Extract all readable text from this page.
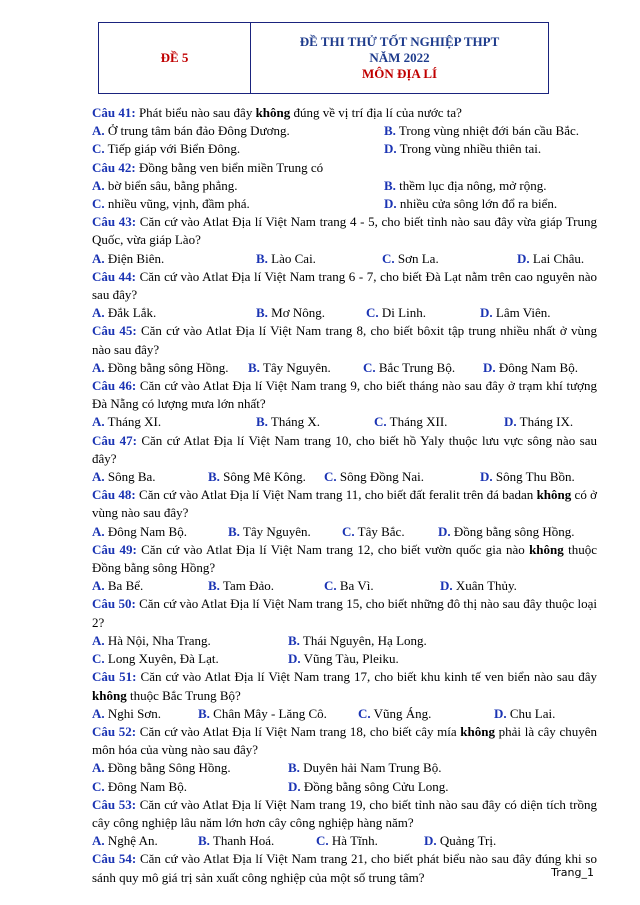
ĐỀ 5
ĐỀ THI THỬ TỐT NGHIỆP THPT
NĂM 2022
MÔN ĐỊA LÍ

Câu 41: Phát biểu nào sau đây không đúng về vị trí địa lí của nước ta?

A. Ở trung tâm bán đảo Đông Dương.	B. Trong vùng nhiệt đới bán cầu Bắc.
C. Tiếp giáp với Biển Đông.	D. Trong vùng nhiều thiên tai.

Câu 42: Đồng bằng ven biển miền Trung có

A. bờ biển sâu, bằng phẳng.	B. thềm lục địa nông, mở rộng.
C. nhiều vũng, vịnh, đầm phá.	D. nhiều cửa sông lớn đổ ra biển.

Câu 43: Căn cứ vào Atlat Địa lí Việt Nam trang 4 - 5, cho biết tỉnh nào sau đây vừa giáp Trung Quốc, vừa giáp Lào?

A. Điện Biên.	B. Lào Cai.	C. Sơn La.	D. Lai Châu.

Câu 44: Căn cứ vào Atlat Địa lí Việt Nam trang 6 - 7, cho biết Đà Lạt nằm trên cao nguyên nào sau đây?

A. Đắk Lắk.	B. Mơ Nông.	C. Di Linh.	D. Lâm Viên.

Câu 45: Căn cứ vào Atlat Địa lí Việt Nam trang 8, cho biết bôxit tập trung nhiều nhất ở vùng nào sau đây?

A. Đồng bằng sông Hồng.	B. Tây Nguyên.	C. Bắc Trung Bộ.	D. Đông Nam Bộ.

Câu 46: Căn cứ vào Atlat Địa lí Việt Nam trang 9, cho biết tháng nào sau đây ở trạm khí tượng Đà Nẵng có lượng mưa lớn nhất?

A. Tháng XI.	B. Tháng X.	C. Tháng XII.	D. Tháng IX.

Câu 47: Căn cứ Atlat Địa lí Việt Nam trang 10, cho biết hồ Yaly thuộc lưu vực sông nào sau đây?

A. Sông Ba.	B. Sông Mê Kông.	C. Sông Đồng Nai.	D. Sông Thu Bồn.

Câu 48: Căn cứ vào Atlat Địa lí Việt Nam trang 11, cho biết đất feralit trên đá badan không có ở vùng nào sau đây?

A. Đông Nam Bộ.	B. Tây Nguyên.	C. Tây Bắc.	D. Đồng bằng sông Hồng.

Câu 49: Căn cứ vào Atlat Địa lí Việt Nam trang 12, cho biết vườn quốc gia nào không thuộc Đồng bằng sông Hồng?

A. Ba Bể.	B. Tam Đảo.	C. Ba Vì.	D. Xuân Thủy.

Câu 50: Căn cứ vào Atlat Địa lí Việt Nam trang 15, cho biết những đô thị nào sau đây thuộc loại 2?

A. Hà Nội, Nha Trang.	B. Thái Nguyên, Hạ Long.
C. Long Xuyên, Đà Lạt.	D. Vũng Tàu, Pleiku.

Câu 51: Căn cứ vào Atlat Địa lí Việt Nam trang 17, cho biết khu kinh tế ven biển nào sau đây không thuộc Bắc Trung Bộ?

A. Nghi Sơn.	B. Chân Mây - Lăng Cô.	C. Vũng Áng.	D. Chu Lai.

Câu 52: Căn cứ vào Atlat Địa lí Việt Nam trang 18, cho biết cây mía không phải là cây chuyên môn hóa của vùng nào sau đây?

A. Đồng bằng Sông Hồng.	B. Duyên hải Nam Trung Bộ.
C. Đông Nam Bộ.	D. Đồng bằng sông Cửu Long.

Câu 53: Căn cứ vào Atlat Địa lí Việt Nam trang 19, cho biết tỉnh nào sau đây có diện tích trồng cây công nghiệp lâu năm lớn hơn cây công nghiệp hàng năm?

A. Nghệ An.	B. Thanh Hoá.	C. Hà Tĩnh.	D. Quảng Trị.

Câu 54: Căn cứ vào Atlat Địa lí Việt Nam trang 21, cho biết phát biểu nào sau đây đúng khi so sánh quy mô giá trị sản xuất công nghiệp của một số trung tâm?	Trang_1
